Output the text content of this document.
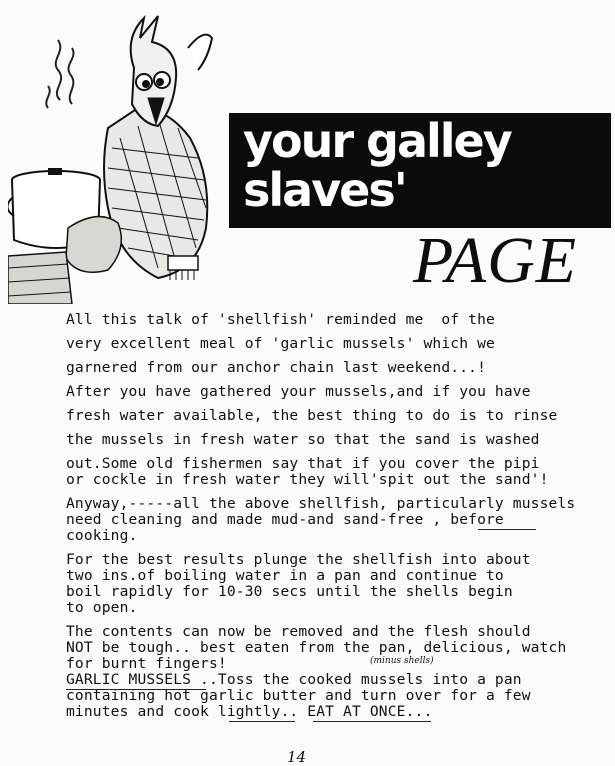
your galley
slaves'
PAGE
All this talk of 'shellfish' reminded me  of the
very excellent meal of 'garlic mussels' which we
garnered from our anchor chain last weekend...!
After you have gathered your mussels,and if you have
fresh water available, the best thing to do is to rinse
the mussels in fresh water so that the sand is washed
out.Some old fishermen say that if you cover the pipi
or cockle in fresh water they will'spit out the sand'!
Anyway,-----all the above shellfish, particularly mussels
need cleaning and made mud-and sand-free , before
cooking.
For the best results plunge the shellfish into about
two ins.of boiling water in a pan and continue to
boil rapidly for 10-30 secs until the shells begin
to open.
The contents can now be removed and the flesh should
NOT be tough.. best eaten from the pan, delicious, watch
for burnt fingers!
GARLIC MUSSELS ..Toss the cooked mussels into a pan
containing hot garlic butter and turn over for a few
minutes and cook lightly.. EAT AT ONCE...
(minus shells)
14
